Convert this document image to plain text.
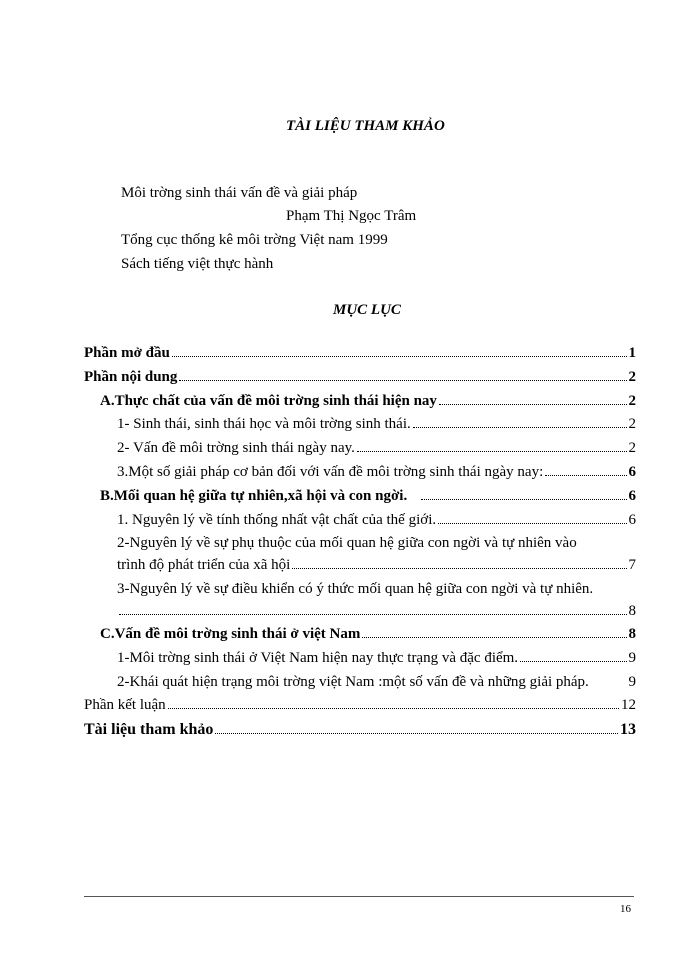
TÀI LIỆU THAM KHẢO
Môi trờng sinh thái vấn đề và giải pháp
Phạm Thị Ngọc Trâm
Tổng cục thống kê môi trờng Việt nam 1999
Sách tiếng việt thực hành
MỤC LỤC
Phần mở đầu	1
Phần nội dung	2
A.Thực chất của vấn đề môi trờng sinh thái hiện nay	2
1- Sinh thái, sinh thái học và môi trờng sinh thái.	2
2- Vấn đề môi trờng sinh thái ngày nay.	2
3.Một số giải pháp cơ bản đối với vấn đề môi trờng sinh thái ngày nay:	6
B.Mối quan hệ giữa tự nhiên,xã hội và con ngời.	6
1. Nguyên lý về tính thống nhất vật chất của thế giới.	6
2-Nguyên lý về sự phụ thuộc của mối quan hệ giữa con ngời và tự nhiên vào
trình độ phát triển của xã hội	7
3-Nguyên lý về sự điều khiển có ý thức mối quan hệ giữa con ngời và tự nhiên.
8
C.Vấn đề môi trờng sinh thái ở việt Nam	8
1-Môi trờng sinh thái ở Việt Nam hiện nay thực trạng và đặc điểm.	9
2-Khái quát hiện trạng môi trờng việt Nam :một số vấn đề và những giải pháp.	9
Phần kết luận	12
Tài liệu tham khảo	13
16
